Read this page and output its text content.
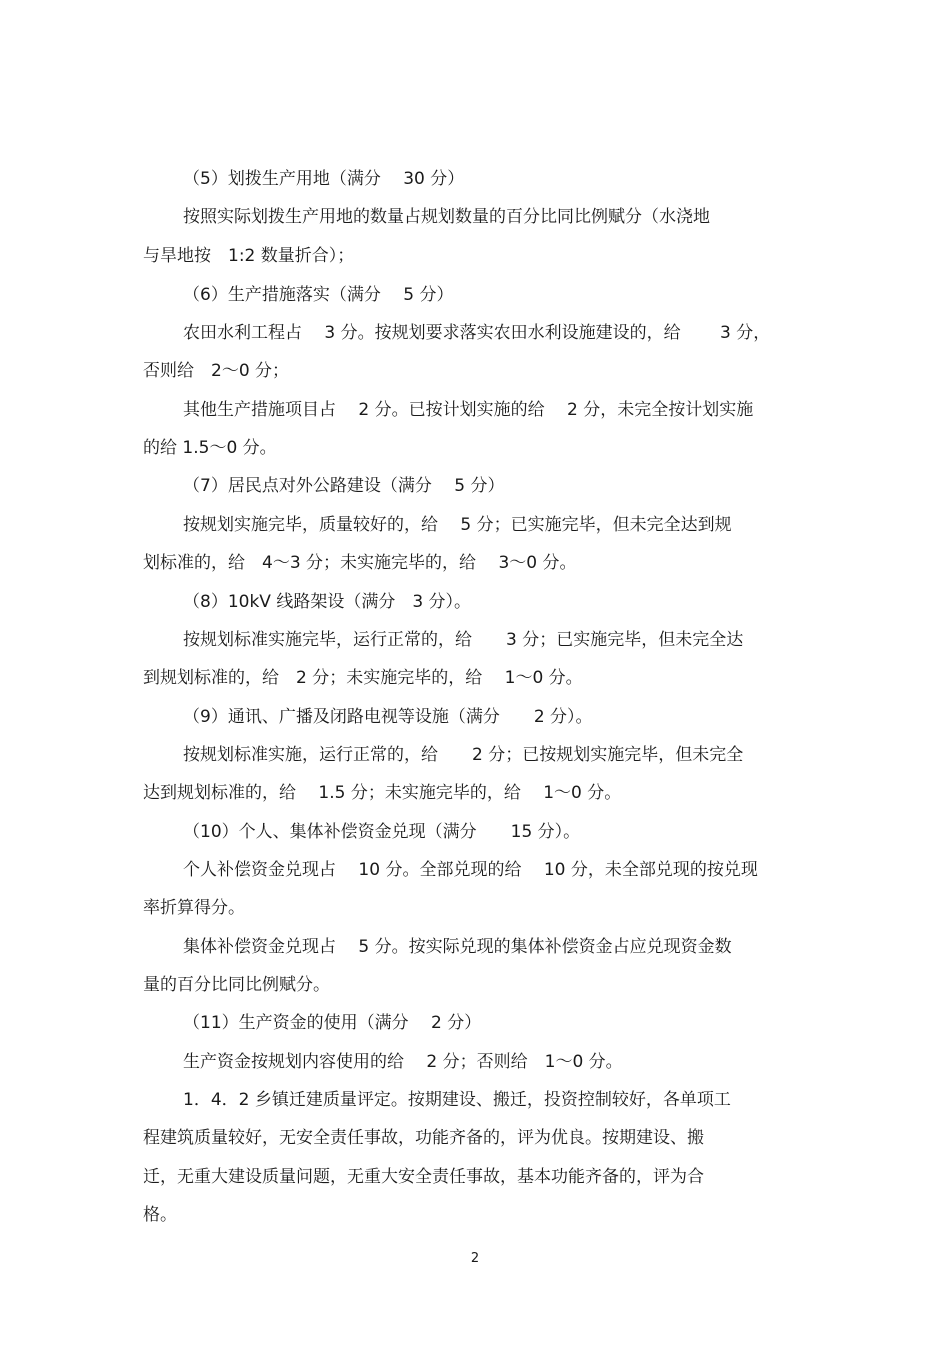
（5）划拨生产用地（满分　 30 分）
按照实际划拨生产用地的数量占规划数量的百分比同比例赋分（水浇地
与旱地按　1:2 数量折合）；
（6）生产措施落实（满分　 5 分）
农田水利工程占　 3 分。按规划要求落实农田水利设施建设的，给　　 3 分，
否则给　2～0 分；
其他生产措施项目占　 2 分。已按计划实施的给　 2 分，未完全按计划实施
的给 1.5～0 分。
（7）居民点对外公路建设（满分　 5 分）
按规划实施完毕，质量较好的，给　 5 分；已实施完毕，但未完全达到规
划标准的，给　4～3 分；未实施完毕的，给　 3～0 分。
（8）10kV 线路架设（满分　3 分）。
按规划标准实施完毕，运行正常的，给　　3 分；已实施完毕，但未完全达
到规划标准的，给　2 分；未实施完毕的，给　 1～0 分。
（9）通讯、广播及闭路电视等设施（满分　　2 分）。
按规划标准实施，运行正常的，给　　2 分；已按规划实施完毕，但未完全
达到规划标准的，给　 1.5 分；未实施完毕的，给　 1～0 分。
（10）个人、集体补偿资金兑现（满分　　15 分）。
个人补偿资金兑现占　 10 分。全部兑现的给　 10 分，未全部兑现的按兑现
率折算得分。
集体补偿资金兑现占　 5 分。按实际兑现的集体补偿资金占应兑现资金数
量的百分比同比例赋分。
（11）生产资金的使用（满分　 2 分）
生产资金按规划内容使用的给　 2 分；否则给　1～0 分。
1．4．2 乡镇迁建质量评定。按期建设、搬迁，投资控制较好，各单项工
程建筑质量较好，无安全责任事故，功能齐备的，评为优良。按期建设、搬
迁，无重大建设质量问题，无重大安全责任事故，基本功能齐备的，评为合
格。
2
